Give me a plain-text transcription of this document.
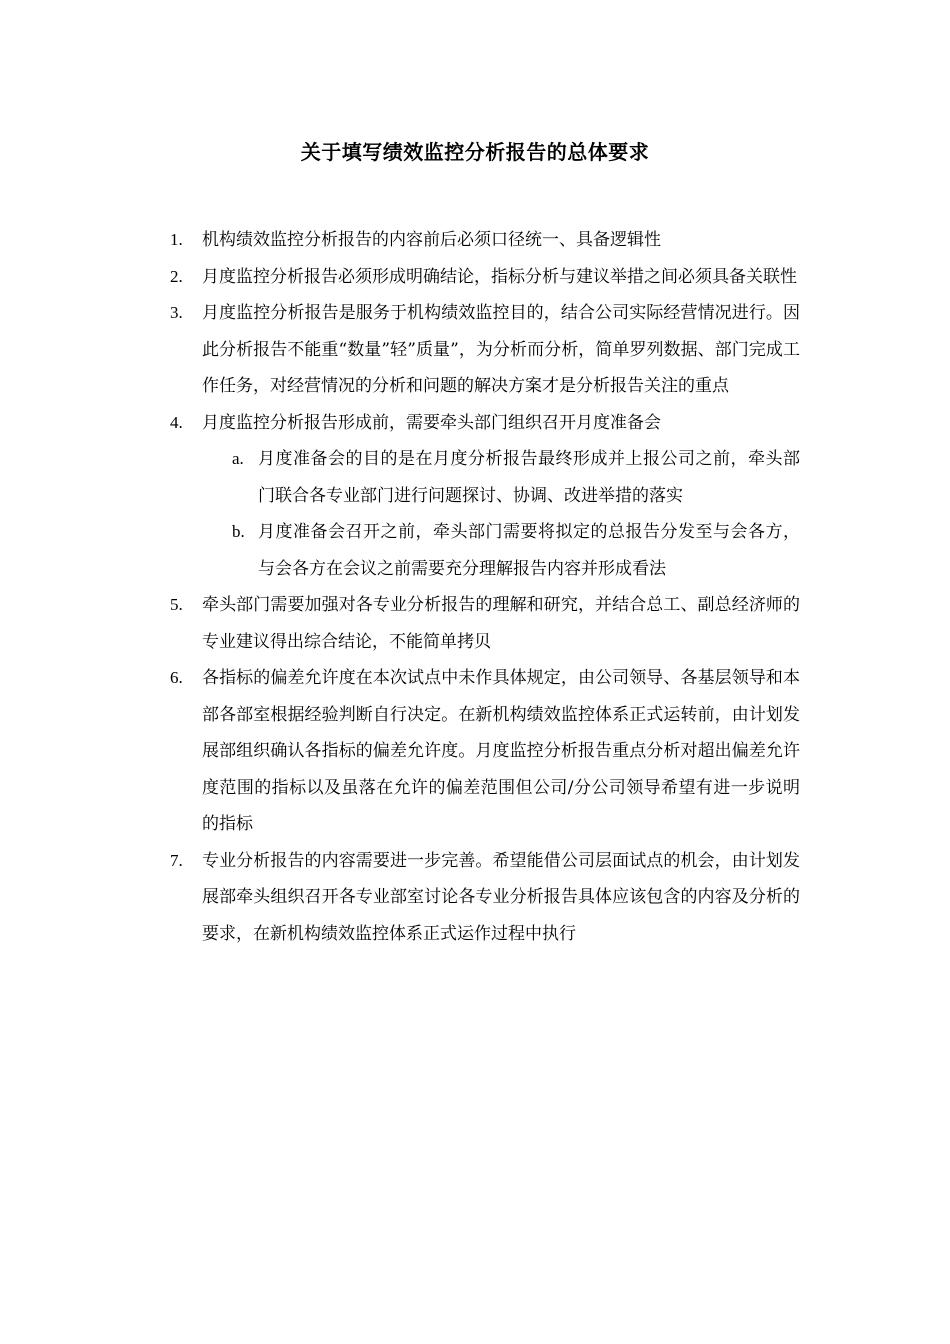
关于填写绩效监控分析报告的总体要求
1.	机构绩效监控分析报告的内容前后必须口径统一、具备逻辑性
2.	月度监控分析报告必须形成明确结论，指标分析与建议举措之间必须具备关联性
3.	月度监控分析报告是服务于机构绩效监控目的，结合公司实际经营情况进行。因此分析报告不能重“数量”轻”质量”，为分析而分析，简单罗列数据、部门完成工作任务，对经营情况的分析和问题的解决方案才是分析报告关注的重点
4.	月度监控分析报告形成前，需要牵头部门组织召开月度准备会
a. 月度准备会的目的是在月度分析报告最终形成并上报公司之前，牵头部门联合各专业部门进行问题探讨、协调、改进举措的落实
b. 月度准备会召开之前，牵头部门需要将拟定的总报告分发至与会各方，与会各方在会议之前需要充分理解报告内容并形成看法
5.	牵头部门需要加强对各专业分析报告的理解和研究，并结合总工、副总经济师的专业建议得出综合结论，不能简单拷贝
6.	各指标的偏差允许度在本次试点中未作具体规定，由公司领导、各基层领导和本部各部室根据经验判断自行决定。在新机构绩效监控体系正式运转前，由计划发展部组织确认各指标的偏差允许度。月度监控分析报告重点分析对超出偏差允许度范围的指标以及虽落在允许的偏差范围但公司/分公司领导希望有进一步说明的指标
7.	专业分析报告的内容需要进一步完善。希望能借公司层面试点的机会，由计划发展部牵头组织召开各专业部室讨论各专业分析报告具体应该包含的内容及分析的要求，在新机构绩效监控体系正式运作过程中执行
